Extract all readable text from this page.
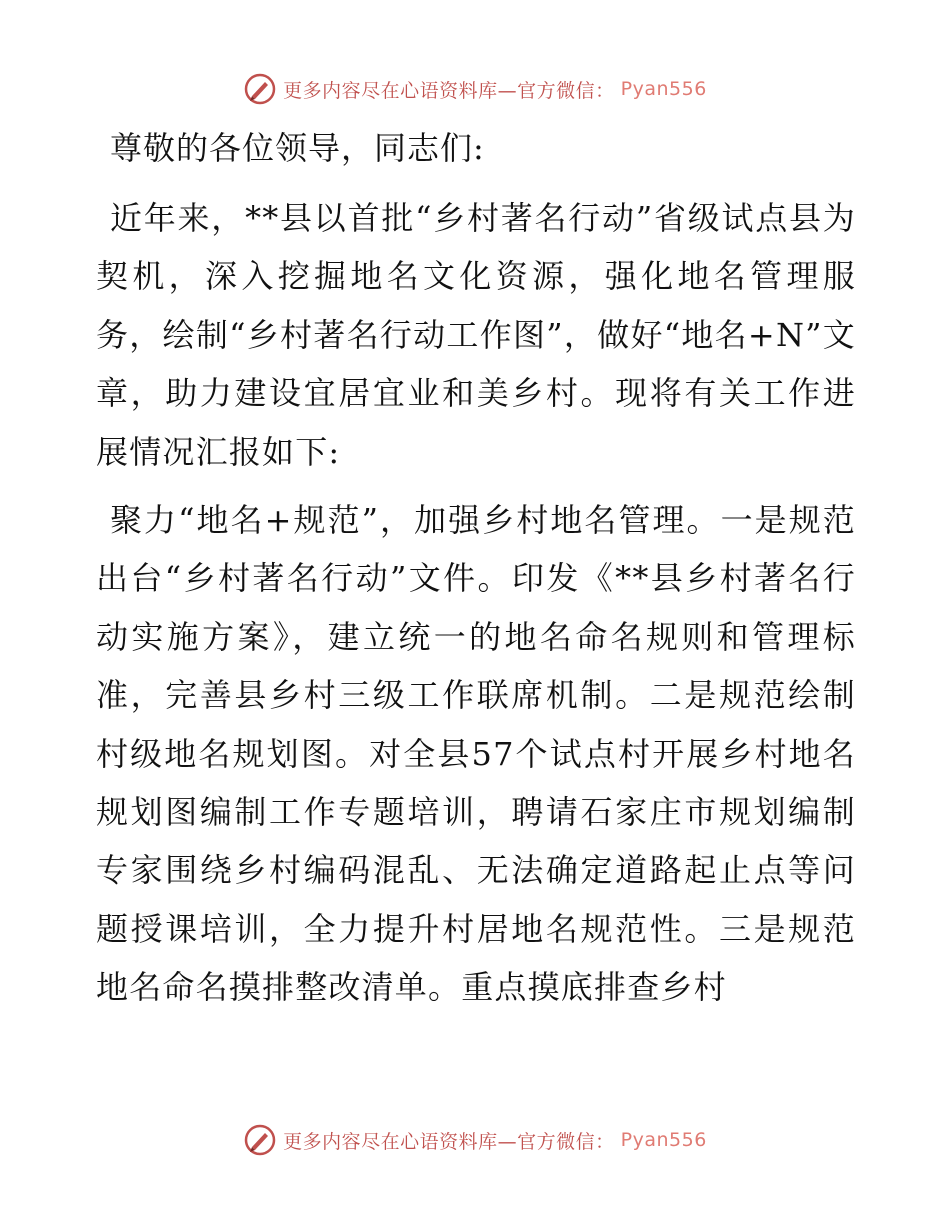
更多内容尽在心语资料库—官方微信： Pyan556

尊敬的各位领导，同志们:

近年来，**县以首批“乡村著名行动”省级试点县为契机，深入挖掘地名文化资源，强化地名管理服务，绘制“乡村著名行动工作图”，做好“地名+N”文章，助力建设宜居宜业和美乡村。现将有关工作进展情况汇报如下:

聚力“地名+规范”，加强乡村地名管理。一是规范出台“乡村著名行动”文件。印发《**县乡村著名行动实施方案》，建立统一的地名命名规则和管理标准，完善县乡村三级工作联席机制。二是规范绘制村级地名规划图。对全县57个试点村开展乡村地名规划图编制工作专题培训，聘请石家庄市规划编制专家围绕乡村编码混乱、无法确定道路起止点等问题授课培训，全力提升村居地名规范性。三是规范地名命名摸排整改清单。重点摸底排查乡村

更多内容尽在心语资料库—官方微信： Pyan556
